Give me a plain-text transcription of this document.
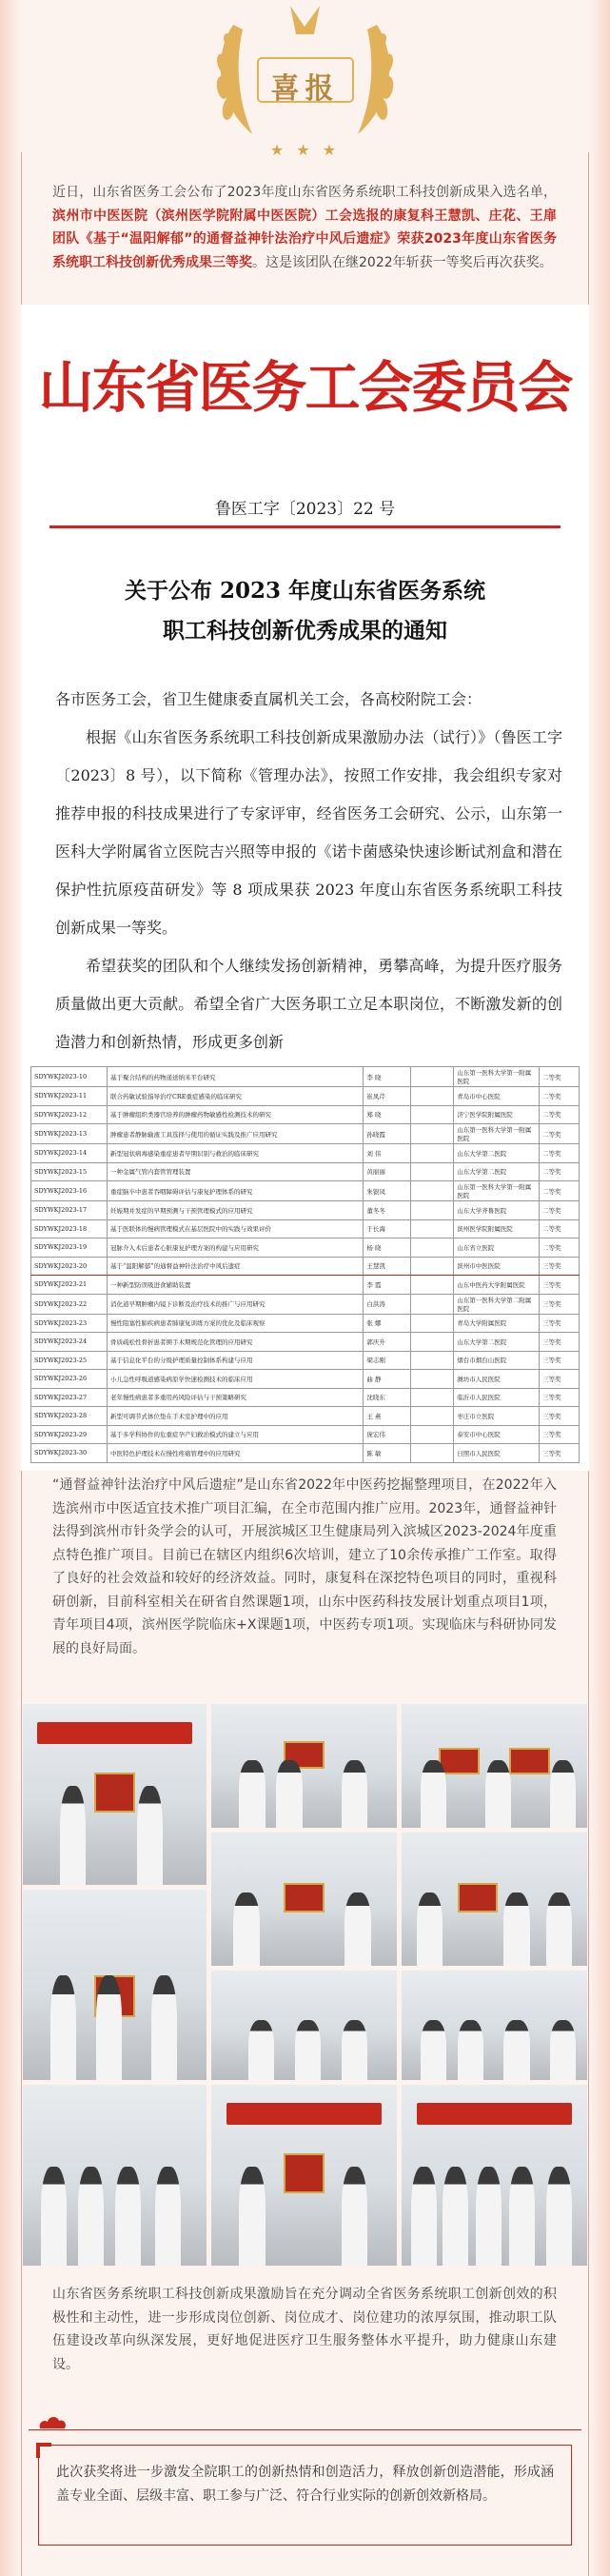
喜报
★ ★ ★
近日，山东省医务工会公布了2023年度山东省医务系统职工科技创新成果入选名单，滨州市中医医院（滨州医学院附属中医医院）工会选报的康复科王慧凯、庄花、王扉团队《基于“温阳解郁”的通督益神针法治疗中风后遗症》荣获2023年度山东省医务系统职工科技创新优秀成果三等奖。这是该团队在继2022年斩获一等奖后再次获奖。
山东省医务工会委员会
鲁医工字〔2023〕22 号
关于公布 2023 年度山东省医务系统
职工科技创新优秀成果的通知

各市医务工会，省卫生健康委直属机关工会，各高校附院工会：

根据《山东省医务系统职工科技创新成果激励办法（试行）》（鲁医工字〔2023〕8 号），以下简称《管理办法》，按照工作安排，我会组织专家对推荐申报的科技成果进行了专家评审，经省医务工会研究、公示，山东第一医科大学附属省立医院吉兴照等申报的《诺卡菌感染快速诊断试剂盒和潜在保护性抗原疫苗研发》等 8 项成果获 2023 年度山东省医务系统职工科技创新成果一等奖。

希望获奖的团队和个人继续发扬创新精神，勇攀高峰，为提升医疗服务质量做出更大贡献。希望全省广大医务职工立足本职岗位，不断激发新的创造潜力和创新热情，形成更多创新

SDYWKJ2023-10	基于聚合结构的药物递送纳米平台研究	李 晓		山东第一医科大学第一附属医院	二等奖
SDYWKJ2023-11	联合药敏试验指导治疗CRE重症感染的临床研究	崔凤芹		青岛市中心医院	二等奖
SDYWKJ2023-12	基于肿瘤组织类器官培养的肿瘤药物敏感性检测技术的研究	郑 晓		济宁医学院附属医院	二等奖
SDYWKJ2023-13	肿瘤患者静脉输液工具选择与使用的循证实践及推广应用研究	孙晓霞		山东第一医科大学第一附属医院	二等奖
SDYWKJ2023-14	新型冠状病毒感染重症患者早期识别与救治的临床研究	刘 伟		山东大学第二医院	二等奖
SDYWKJ2023-15	一种金属气管内套管管理装置	黄丽丽		山东大学第二医院	二等奖
SDYWKJ2023-16	重症脑卒中患者吞咽障碍评估与康复护理体系的研究	朱银凤		山东第一医科大学第一附属医院	二等奖
SDYWKJ2023-17	妊娠期并发症的早期预测与干预管理模式的应用研究	董冬冬		山东大学齐鲁医院	二等奖
SDYWKJ2023-18	基于医联体的慢病管理模式在基层医院中的实践与效果评价	于长海		滨州医学院附属医院	二等奖
SDYWKJ2023-19	冠脉介入术后患者心脏康复护理方案的构建与应用研究	杨 晓		山东省立医院	二等奖
SDYWKJ2023-20	基于“温阳解郁”的通督益神针法治疗中风后遗症	王慧凯		滨州市中医医院	三等奖
SDYWKJ2023-21	一种新型防误吸进食辅助装置	李 霞		山东中医药大学附属医院	三等奖
SDYWKJ2023-22	消化道早期肿瘤内镜下诊断及治疗技术的推广与应用研究	白洪涛		山东第一医科大学第二附属医院	三等奖
SDYWKJ2023-23	慢性阻塞性肺疾病患者肺康复训练方案的优化及临床观察	张 娜		青岛大学附属医院	三等奖
SDYWKJ2023-24	骨质疏松性骨折患者围手术期规范化管理的应用研究	郭庆升		山东大学第二医院	三等奖
SDYWKJ2023-25	基于信息化平台的分级护理质量控制体系构建与应用	梁志刚		烟台市烟台山医院	三等奖
SDYWKJ2023-26	小儿急性呼吸道感染病原学快速检测技术的临床应用	曲 静		潍坊市人民医院	三等奖
SDYWKJ2023-27	老年慢性病患者多重用药风险评估与干预策略研究	沈晓东		临沂市人民医院	三等奖
SDYWKJ2023-28	新型可调节式体位垫在手术室护理中的应用	王 燕		枣庄市立医院	三等奖
SDYWKJ2023-29	基于多学科协作的危重症孕产妇救治模式的建立与应用	庞宏伟		泰安市中心医院	三等奖
SDYWKJ2023-30	中医特色护理技术在慢性疼痛管理中的应用研究	陈 敏		日照市人民医院	三等奖
“通督益神针法治疗中风后遗症”是山东省2022年中医药挖掘整理项目，在2022年入选滨州市中医适宜技术推广项目汇编，在全市范围内推广应用。2023年，通督益神针法得到滨州市针灸学会的认可，开展滨城区卫生健康局列入滨城区2023-2024年度重点特色推广项目。目前已在辖区内组织6次培训，建立了10余传承推广工作室。取得了良好的社会效益和较好的经济效益。同时，康复科在深挖特色项目的同时，重视科研创新，目前科室相关在研省自然课题1项，山东中医药科技发展计划重点项目1项，青年项目4项，滨州医学院临床+X课题1项，中医药专项1项。实现临床与科研协同发展的良好局面。
山东省医务系统职工科技创新成果激励旨在充分调动全省医务系统职工创新创效的积极性和主动性，进一步形成岗位创新、岗位成才、岗位建功的浓厚氛围，推动职工队伍建设改革向纵深发展，更好地促进医疗卫生服务整体水平提升，助力健康山东建设。
此次获奖将进一步激发全院职工的创新热情和创造活力，释放创新创造潜能，形成涵盖专业全面、层级丰富、职工参与广泛、符合行业实际的创新创效新格局。
